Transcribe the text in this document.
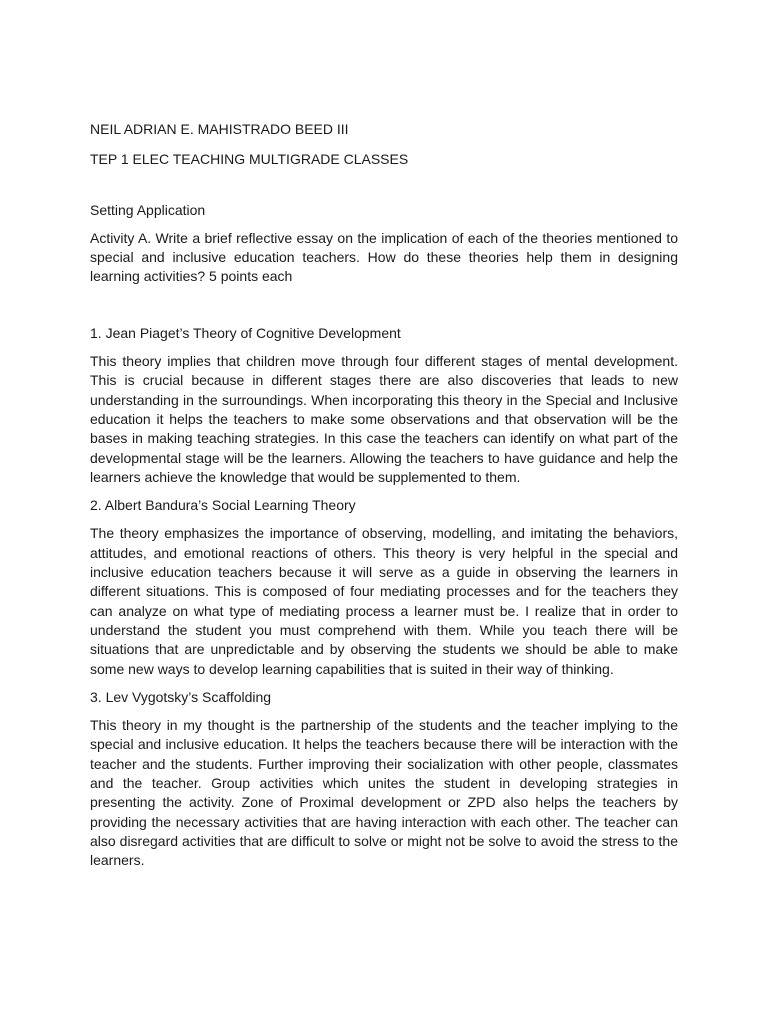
NEIL ADRIAN E. MAHISTRADO BEED III

TEP 1 ELEC TEACHING MULTIGRADE CLASSES

Setting Application

Activity A. Write a brief reflective essay on the implication of each of the theories mentioned to special and inclusive education teachers. How do these theories help them in designing learning activities? 5 points each

1. Jean Piaget’s Theory of Cognitive Development

This theory implies that children move through four different stages of mental development. This is crucial because in different stages there are also discoveries that leads to new understanding in the surroundings. When incorporating this theory in the Special and Inclusive education it helps the teachers to make some observations and that observation will be the bases in making teaching strategies. In this case the teachers can identify on what part of the developmental stage will be the learners. Allowing the teachers to have guidance and help the learners achieve the knowledge that would be supplemented to them.

2. Albert Bandura’s Social Learning Theory

The theory emphasizes the importance of observing, modelling, and imitating the behaviors, attitudes, and emotional reactions of others. This theory is very helpful in the special and inclusive education teachers because it will serve as a guide in observing the learners in different situations. This is composed of four mediating processes and for the teachers they can analyze on what type of mediating process a learner must be. I realize that in order to understand the student you must comprehend with them. While you teach there will be situations that are unpredictable and by observing the students we should be able to make some new ways to develop learning capabilities that is suited in their way of thinking.

3. Lev Vygotsky’s Scaffolding

This theory in my thought is the partnership of the students and the teacher implying to the special and inclusive education. It helps the teachers because there will be interaction with the teacher and the students. Further improving their socialization with other people, classmates and the teacher. Group activities which unites the student in developing strategies in presenting the activity. Zone of Proximal development or ZPD also helps the teachers by providing the necessary activities that are having interaction with each other. The teacher can also disregard activities that are difficult to solve or might not be solve to avoid the stress to the learners.
